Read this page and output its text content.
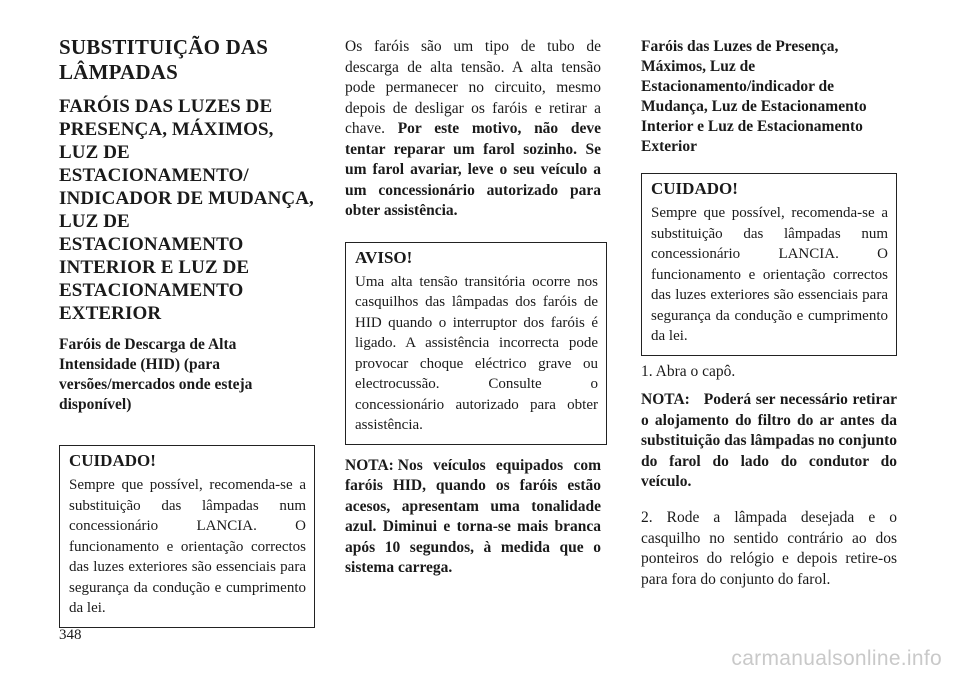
SUBSTITUIÇÃO DAS LÂMPADAS
FARÓIS DAS LUZES DE PRESENÇA, MÁXIMOS, LUZ DE ESTACIONAMENTO/ INDICADOR DE MUDANÇA, LUZ DE ESTACIONAMENTO INTERIOR E LUZ DE ESTACIONAMENTO EXTERIOR
Faróis de Descarga de Alta Intensidade (HID) (para versões/mercados onde esteja disponível)
CUIDADO!

Sempre que possível, recomenda-se a substituição das lâmpadas num concessionário LANCIA. O funcionamento e orientação correctos das luzes exteriores são essenciais para segurança da condução e cumprimento da lei.

Os faróis são um tipo de tubo de descarga de alta tensão. A alta tensão pode permanecer no circuito, mesmo depois de desligar os faróis e retirar a chave. Por este motivo, não deve tentar reparar um farol sozinho. Se um farol avariar, leve o seu veículo a um concessionário autorizado para obter assistência.

AVISO!

Uma alta tensão transitória ocorre nos casquilhos das lâmpadas dos faróis de HID quando o interruptor dos faróis é ligado. A assistência incorrecta pode provocar choque eléctrico grave ou electrocussão. Consulte o concessionário autorizado para obter assistência.

NOTA: Nos veículos equipados com faróis HID, quando os faróis estão acesos, apresentam uma tonalidade azul. Diminui e torna-se mais branca após 10 segundos, à medida que o sistema carrega.

Faróis das Luzes de Presença, Máximos, Luz de Estacionamento/indicador de Mudança, Luz de Estacionamento Interior e Luz de Estacionamento Exterior
CUIDADO!

Sempre que possível, recomenda-se a substituição das lâmpadas num concessionário LANCIA. O funcionamento e orientação correctos das luzes exteriores são essenciais para segurança da condução e cumprimento da lei.

1. Abra o capô.

NOTA: Poderá ser necessário retirar o alojamento do filtro do ar antes da substituição das lâmpadas no conjunto do farol do lado do condutor do veículo.

2. Rode a lâmpada desejada e o casquilho no sentido contrário ao dos ponteiros do relógio e depois retire-os para fora do conjunto do farol.

348
carmanualsonline.info
